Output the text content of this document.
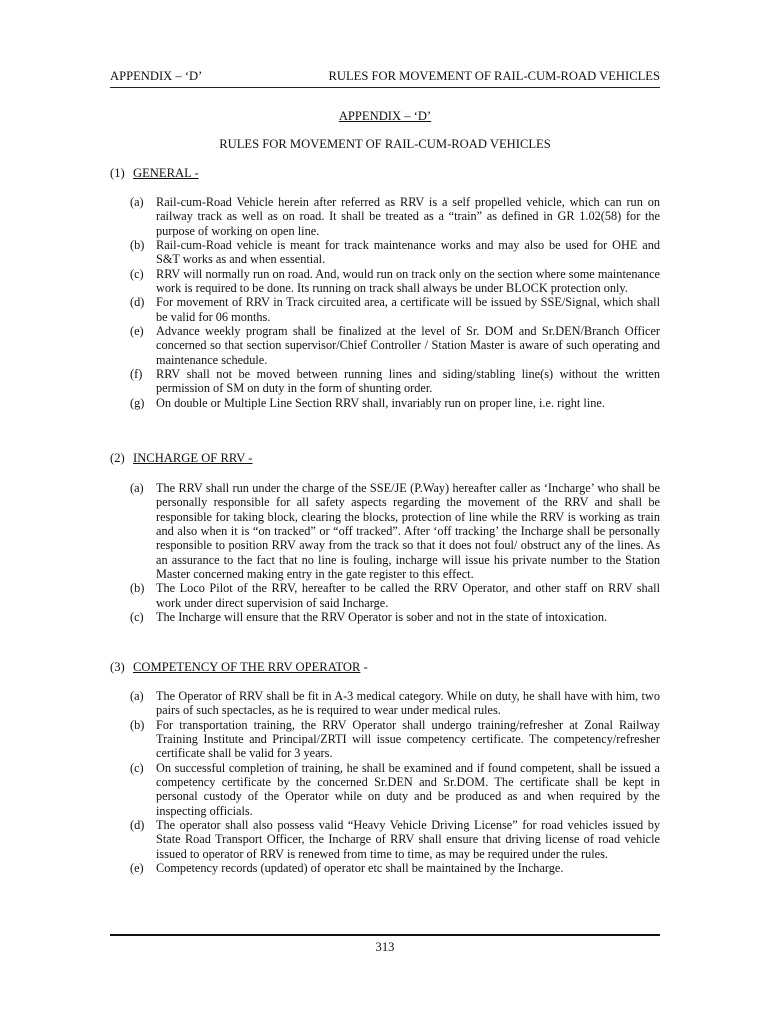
APPENDIX – ‘D’	RULES FOR MOVEMENT OF RAIL-CUM-ROAD VEHICLES
APPENDIX – ‘D’
RULES FOR MOVEMENT OF RAIL-CUM-ROAD VEHICLES
(1) GENERAL -
(a) Rail-cum-Road Vehicle herein after referred as RRV is a self propelled vehicle, which can run on railway track as well as on road. It shall be treated as a “train” as defined in GR 1.02(58) for the purpose of working on open line.
(b) Rail-cum-Road vehicle is meant for track maintenance works and may also be used for OHE and S&T works as and when essential.
(c) RRV will normally run on road. And, would run on track only on the section where some maintenance work is required to be done. Its running on track shall always be under BLOCK protection only.
(d) For movement of RRV in Track circuited area, a certificate will be issued by SSE/Signal, which shall be valid for 06 months.
(e) Advance weekly program shall be finalized at the level of Sr. DOM and Sr.DEN/Branch Officer concerned so that section supervisor/Chief Controller / Station Master is aware of such operating and maintenance schedule.
(f) RRV shall not be moved between running lines and siding/stabling line(s) without the written permission of SM on duty in the form of shunting order.
(g) On double or Multiple Line Section RRV shall, invariably run on proper line, i.e. right line.
(2) INCHARGE OF RRV -
(a) The RRV shall run under the charge of the SSE/JE (P.Way) hereafter caller as ‘Incharge’ who shall be personally responsible for all safety aspects regarding the movement of the RRV and shall be responsible for taking block, clearing the blocks, protection of line while the RRV is working as train and also when it is “on tracked” or “off tracked”. After ‘off tracking’ the Incharge shall be personally responsible to position RRV away from the track so that it does not foul/ obstruct any of the lines. As an assurance to the fact that no line is fouling, incharge will issue his private number to the Station Master concerned making entry in the gate register to this effect.
(b) The Loco Pilot of the RRV, hereafter to be called the RRV Operator, and other staff on RRV shall work under direct supervision of said Incharge.
(c) The Incharge will ensure that the RRV Operator is sober and not in the state of intoxication.
(3) COMPETENCY OF THE RRV OPERATOR -
(a) The Operator of RRV shall be fit in A-3 medical category. While on duty, he shall have with him, two pairs of such spectacles, as he is required to wear under medical rules.
(b) For transportation training, the RRV Operator shall undergo training/refresher at Zonal Railway Training Institute and Principal/ZRTI will issue competency certificate. The competency/refresher certificate shall be valid for 3 years.
(c) On successful completion of training, he shall be examined and if found competent, shall be issued a competency certificate by the concerned Sr.DEN and Sr.DOM. The certificate shall be kept in personal custody of the Operator while on duty and be produced as and when required by the inspecting officials.
(d) The operator shall also possess valid “Heavy Vehicle Driving License” for road vehicles issued by State Road Transport Officer, the Incharge of RRV shall ensure that driving license of road vehicle issued to operator of RRV is renewed from time to time, as may be required under the rules.
(e) Competency records (updated) of operator etc shall be maintained by the Incharge.
313
